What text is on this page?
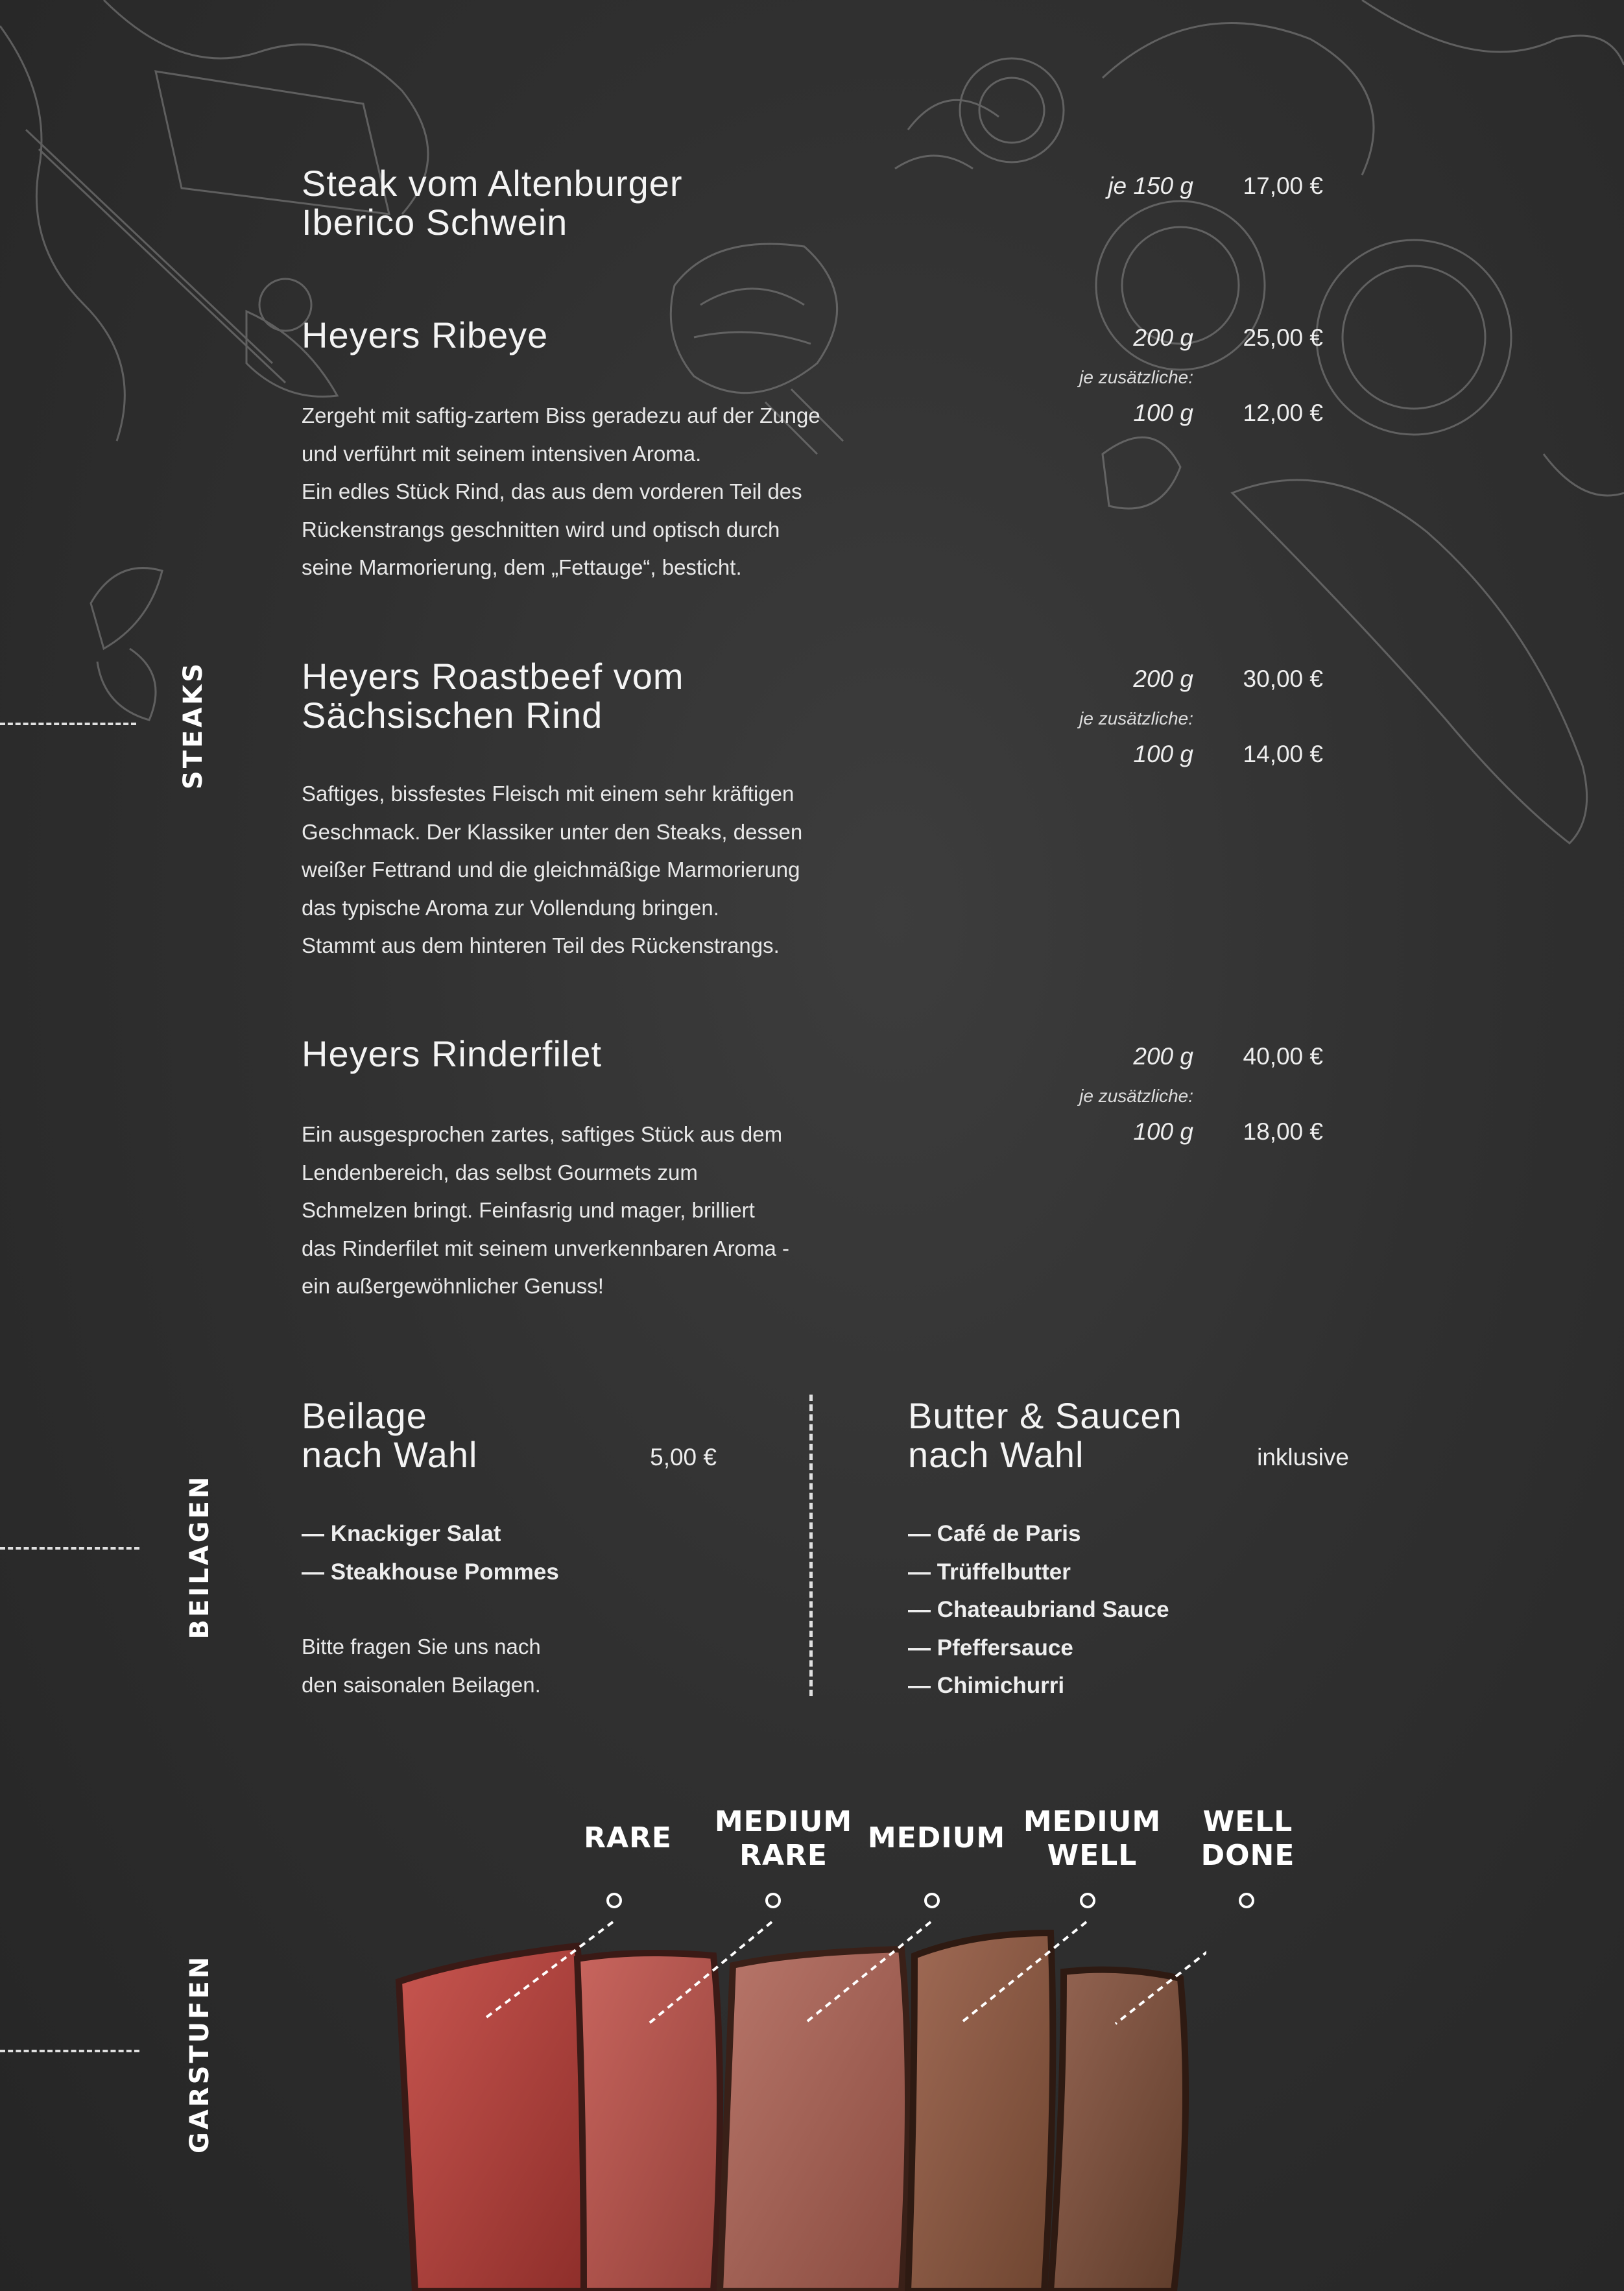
STEAKS
BEILAGEN
GARSTUFEN
Steak vom Altenburger
Iberico Schwein
je 150 g	17,00 €
Heyers Ribeye	200 g	25,00 €
je zusätzliche:
100 g	12,00 €
Zergeht mit saftig-zartem Biss geradezu auf der Zunge
und verführt mit seinem intensiven Aroma.
Ein edles Stück Rind, das aus dem vorderen Teil des
Rückenstrangs geschnitten wird und optisch durch
seine Marmorierung, dem „Fettauge“, besticht.
Heyers Roastbeef vom
Sächsischen Rind
200 g	30,00 €
je zusätzliche:
100 g	14,00 €
Saftiges, bissfestes Fleisch mit einem sehr kräftigen
Geschmack. Der Klassiker unter den Steaks, dessen
weißer Fettrand und die gleichmäßige Marmorierung
das typische Aroma zur Vollendung bringen.
Stammt aus dem hinteren Teil des Rückenstrangs.
Heyers Rinderfilet	200 g	40,00 €
je zusätzliche:
100 g	18,00 €
Ein ausgesprochen zartes, saftiges Stück aus dem
Lendenbereich, das selbst Gourmets zum
Schmelzen bringt. Feinfasrig und mager, brilliert
das Rinderfilet mit seinem unverkennbaren Aroma -
ein außergewöhnlicher Genuss!
Beilage
nach Wahl	5,00 €
— Knackiger Salat
— Steakhouse Pommes
Bitte fragen Sie uns nach
den saisonalen Beilagen.
Butter & Saucen
nach Wahl	inklusive
— Café de Paris
— Trüffelbutter
— Chateaubriand Sauce
— Pfeffersauce
— Chimichurri
RARE	MEDIUM
RARE
MEDIUM MEDIUM
WELL
WELL
DONE
